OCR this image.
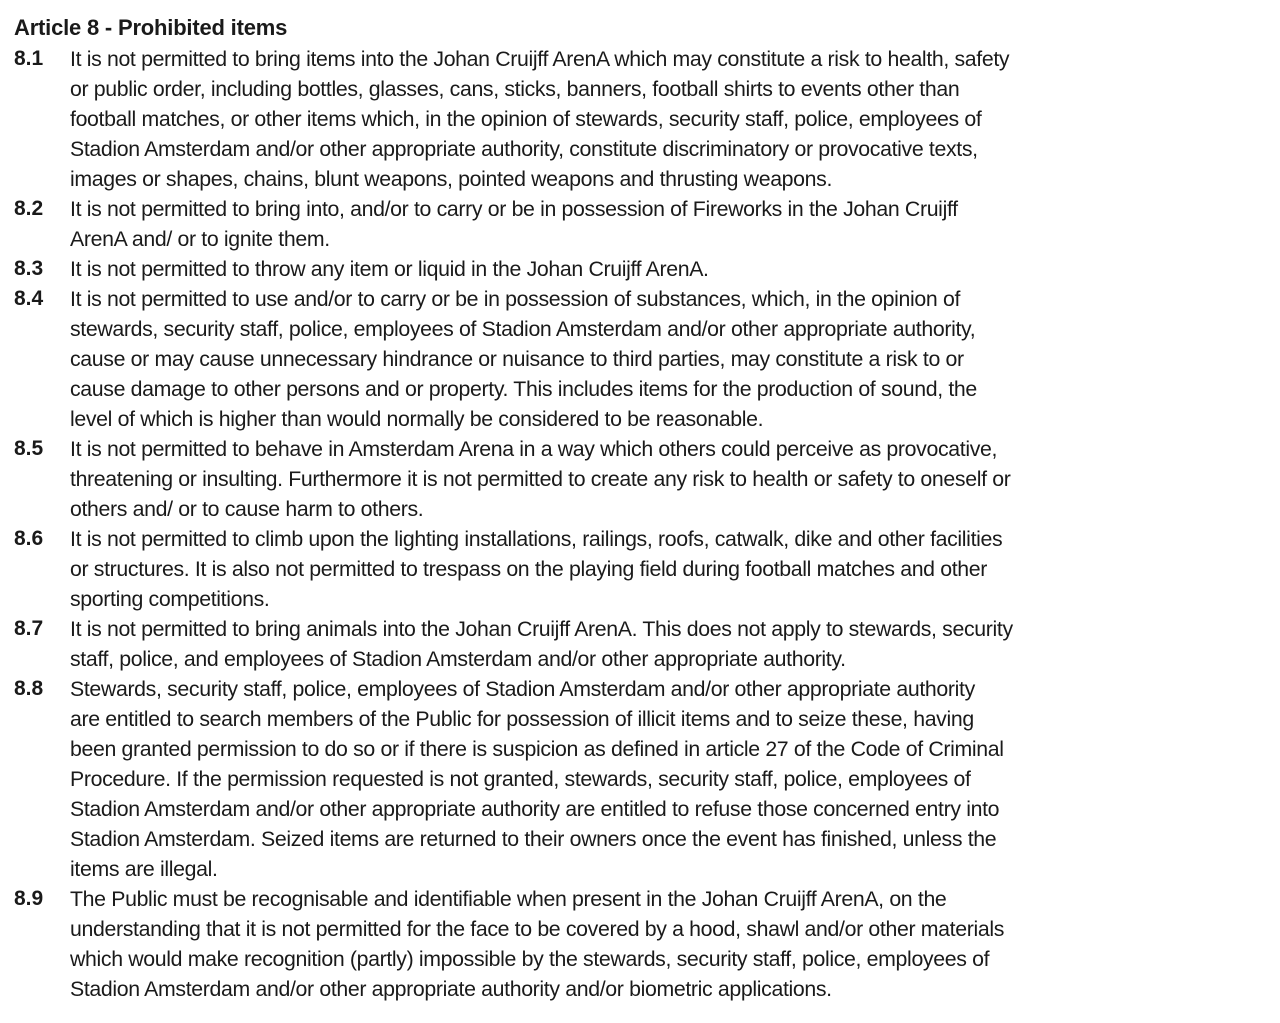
Article 8 - Prohibited items
8.1	It is not permitted to bring items into the Johan Cruijff ArenA which may constitute a risk to health, safety
or public order, including bottles, glasses, cans, sticks, banners, football shirts to events other than
football matches, or other items which, in the opinion of stewards, security staff, police, employees of
Stadion Amsterdam and/or other appropriate authority, constitute discriminatory or provocative texts,
images or shapes, chains, blunt weapons, pointed weapons and thrusting weapons.
8.2	It is not permitted to bring into, and/or to carry or be in possession of Fireworks in the Johan Cruijff
ArenA and/ or to ignite them.
8.3	It is not permitted to throw any item or liquid in the Johan Cruijff ArenA.
8.4	It is not permitted to use and/or to carry or be in possession of substances, which, in the opinion of
stewards, security staff, police, employees of Stadion Amsterdam and/or other appropriate authority,
cause or may cause unnecessary hindrance or nuisance to third parties, may constitute a risk to or
cause damage to other persons and or property. This includes items for the production of sound, the
level of which is higher than would normally be considered to be reasonable.
8.5	It is not permitted to behave in Amsterdam Arena in a way which others could perceive as provocative,
threatening or insulting. Furthermore it is not permitted to create any risk to health or safety to oneself or
others and/ or to cause harm to others.
8.6	It is not permitted to climb upon the lighting installations, railings, roofs, catwalk, dike and other facilities
or structures. It is also not permitted to trespass on the playing field during football matches and other
sporting competitions.
8.7	It is not permitted to bring animals into the Johan Cruijff ArenA. This does not apply to stewards, security
staff, police, and employees of Stadion Amsterdam and/or other appropriate authority.
8.8	Stewards, security staff, police, employees of Stadion Amsterdam and/or other appropriate authority
are entitled to search members of the Public for possession of illicit items and to seize these, having
been granted permission to do so or if there is suspicion as defined in article 27 of the Code of Criminal
Procedure. If the permission requested is not granted, stewards, security staff, police, employees of
Stadion Amsterdam and/or other appropriate authority are entitled to refuse those concerned entry into
Stadion Amsterdam. Seized items are returned to their owners once the event has finished, unless the
items are illegal.
8.9	The Public must be recognisable and identifiable when present in the Johan Cruijff ArenA, on the
understanding that it is not permitted for the face to be covered by a hood, shawl and/or other materials
which would make recognition (partly) impossible by the stewards, security staff, police, employees of
Stadion Amsterdam and/or other appropriate authority and/or biometric applications.
